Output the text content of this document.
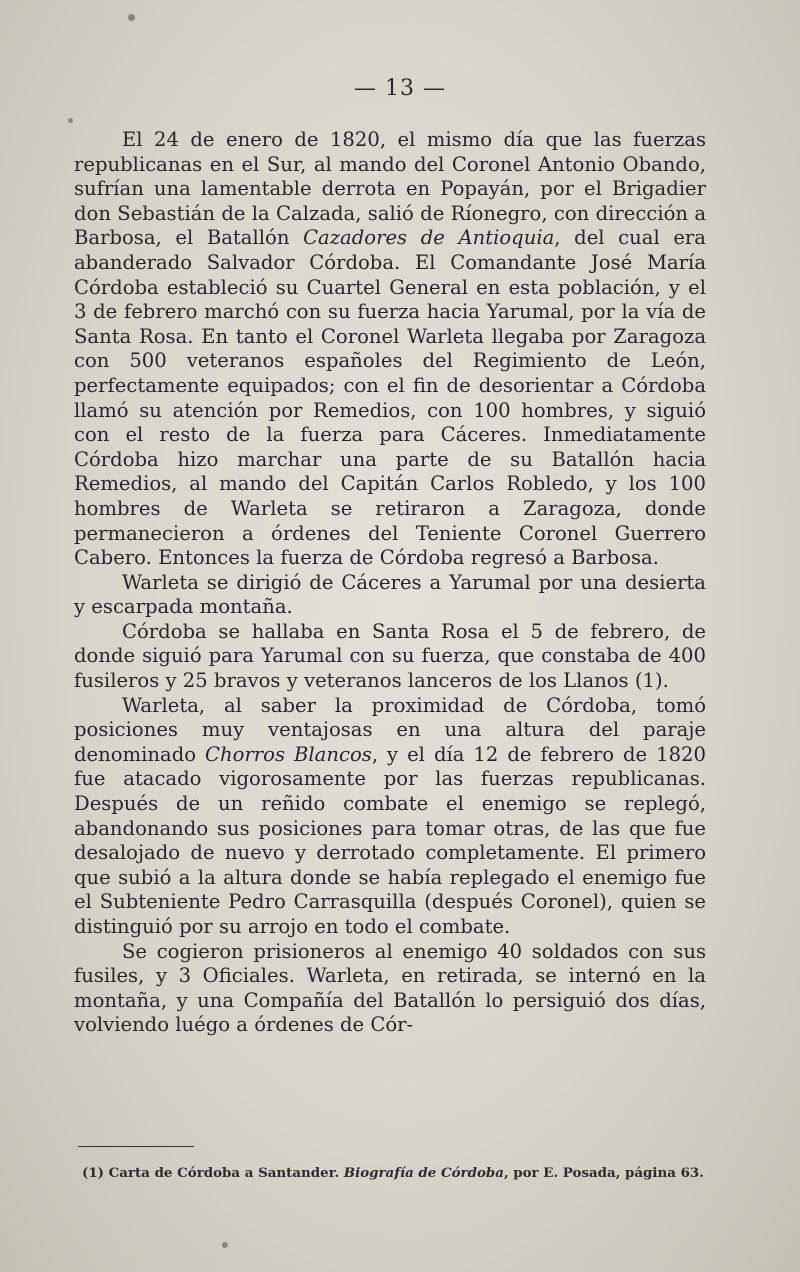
— 13 —

El 24 de enero de 1820, el mismo día que las fuerzas republicanas en el Sur, al mando del Coronel Antonio Obando, sufrían una lamentable derrota en Popayán, por el Brigadier don Sebastián de la Calzada, salió de Ríonegro, con dirección a Barbosa, el Batallón Cazadores de Antioquia, del cual era abanderado Salvador Córdoba. El Comandante José María Córdoba estableció su Cuartel General en esta población, y el 3 de febrero marchó con su fuerza hacia Yarumal, por la vía de Santa Rosa. En tanto el Coronel Warleta llegaba por Zaragoza con 500 veteranos españoles del Regimiento de León, perfectamente equipados; con el fin de desorientar a Córdoba llamó su atención por Remedios, con 100 hombres, y siguió con el resto de la fuerza para Cáceres. Inmediatamente Córdoba hizo marchar una parte de su Batallón hacia Remedios, al mando del Capitán Carlos Robledo, y los 100 hombres de Warleta se retiraron a Zaragoza, donde permanecieron a órdenes del Teniente Coronel Guerrero Cabero. Entonces la fuerza de Córdoba regresó a Barbosa.

Warleta se dirigió de Cáceres a Yarumal por una desierta y escarpada montaña.

Córdoba se hallaba en Santa Rosa el 5 de febrero, de donde siguió para Yarumal con su fuerza, que constaba de 400 fusileros y 25 bravos y veteranos lanceros de los Llanos (1).

Warleta, al saber la proximidad de Córdoba, tomó posiciones muy ventajosas en una altura del paraje denominado Chorros Blancos, y el día 12 de febrero de 1820 fue atacado vigorosamente por las fuerzas republicanas. Después de un reñido combate el enemigo se replegó, abandonando sus posiciones para tomar otras, de las que fue desalojado de nuevo y derrotado completamente. El primero que subió a la altura donde se había replegado el enemigo fue el Subteniente Pedro Carrasquilla (después Coronel), quien se distinguió por su arrojo en todo el combate.

Se cogieron prisioneros al enemigo 40 soldados con sus fusiles, y 3 Oficiales. Warleta, en retirada, se internó en la montaña, y una Compañía del Batallón lo persiguió dos días, volviendo luégo a órdenes de Cór-

(1) Carta de Córdoba a Santander. Biografía de Córdoba, por E. Posada, página 63.
